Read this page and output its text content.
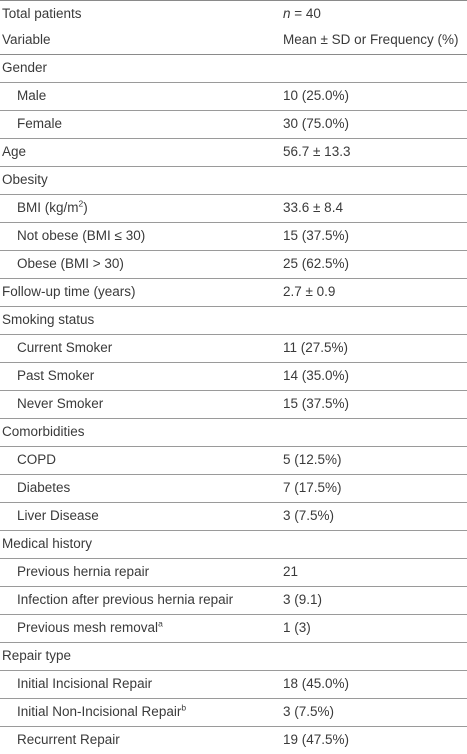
Total patients	n = 40
Variable	Mean ± SD or Frequency (%)
Gender
Male	10 (25.0%)
Female	30 (75.0%)
Age	56.7 ± 13.3
Obesity
BMI $(kg/m^2)$	33.6 ± 8.4
Not obese (BMI ≤ 30)	15 (37.5%)
Obese (BMI > 30)	25 (62.5%)
Follow-up time (years)	2.7 ± 0.9
Smoking status
Current Smoker	11 (27.5%)
Past Smoker	14 (35.0%)
Never Smoker	15 (37.5%)
Comorbidities
COPD	5 (12.5%)
Diabetes	7 (17.5%)
Liver Disease	3 (7.5%)
Medical history
Previous hernia repair	21
Infection after previous hernia repair	3 (9.1)
Previous mesh removal$^a$	1 (3)
Repair type
Initial Incisional Repair	18 (45.0%)
Initial Non-Incisional Repair$^b$	3 (7.5%)
Recurrent Repair	19 (47.5%)
